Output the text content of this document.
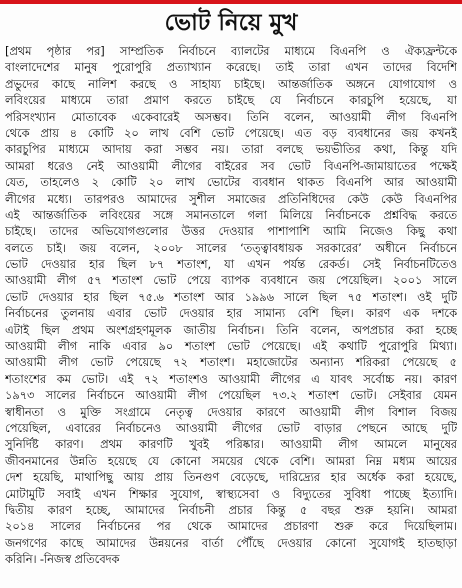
ভোট নিয়ে মুখ
[প্রথম পৃষ্ঠার পর] সাম্প্রতিক নির্বাচনে ব্যালটের মাধ্যমে বিএনপি ও ঐক্যফ্রন্টকে
বাংলাদেশের মানুষ পুরোপুরি প্রত্যাখ্যান করেছে। তাই তারা এখন তাদের বিদেশি
প্রভুদের কাছে নালিশ করছে ও সাহায্য চাইছে। আন্তর্জাতিক অঙ্গনে যোগাযোগ ও
লবিংয়ের মাধ্যমে তারা প্রমাণ করতে চাইছে যে নির্বাচনে কারচুপি হয়েছে, যা
পরিসংখ্যান মোতাবেক একেবারেই অসম্ভব। তিনি বলেন, আওয়ামী লীগ বিএনপি
থেকে প্রায় ৪ কোটি ২০ লাখ বেশি ভোট পেয়েছে। এত বড় ব্যবধানের জয় কখনই
কারচুপির মাধ্যমে আদায় করা সম্ভব নয়। তারা বলছে ভয়ভীতির কথা, কিন্তু যদি
আমরা ধরেও নেই আওয়ামী লীগের বাইরের সব ভোট বিএনপি-জামায়াতের পক্ষেই
যেত, তাহলেও ২ কোটি ২০ লাখ ভোটের ব্যবধান থাকত বিএনপি আর আওয়ামী
লীগের মধ্যে। তারপরও আমাদের সুশীল সমাজের প্রতিনিধিদের কেউ কেউ বিএনপির
এই আন্তর্জাতিক লবিংয়ের সঙ্গে সমানতালে গলা মিলিয়ে নির্বাচনকে প্রশ্নবিদ্ধ করতে
চাইছে। তাদের অভিযোগগুলোর উত্তর দেওয়ার পাশাপাশি আমি নিজেও কিছু কথা
বলতে চাই। জয় বলেন, ২০০৮ সালের ‘তত্ত্বাবধায়ক সরকারের’ অধীনে নির্বাচনে
ভোট দেওয়ার হার ছিল ৮৭ শতাংশ, যা এখন পর্যন্ত রেকর্ড। সেই নির্বাচনটিতেও
আওয়ামী লীগ ৫৭ শতাংশ ভোট পেয়ে ব্যাপক ব্যবধানে জয় পেয়েছিল। ২০০১ সালে
ভোট দেওয়ার হার ছিল ৭৫.৬ শতাংশ আর ১৯৯৬ সালে ছিল ৭৫ শতাংশ। ওই দুটি
নির্বাচনের তুলনায় এবার ভোট দেওয়ার হার সামান্য বেশি ছিল। কারণ এক দশকে
এটাই ছিল প্রথম অংশগ্রহণমূলক জাতীয় নির্বাচন। তিনি বলেন, অপপ্রচার করা হচ্ছে
আওয়ামী লীগ নাকি এবার ৯০ শতাংশ ভোট পেয়েছে। এই কথাটি পুরোপুরি মিথ্যা।
আওয়ামী লীগ ভোট পেয়েছে ৭২ শতাংশ। মহাজোটের অন্যান্য শরিকরা পেয়েছে ৫
শতাংশের কম ভোট। এই ৭২ শতাংশও আওয়ামী লীগের এ যাবৎ সর্বোচ্চ নয়। কারণ
১৯৭৩ সালের নির্বাচনে আওয়ামী লীগ পেয়েছিল ৭৩.২ শতাংশ ভোট। সেইবার যেমন
স্বাধীনতা ও মুক্তি সংগ্রামে নেতৃত্ব দেওয়ার কারণে আওয়ামী লীগ বিশাল বিজয়
পেয়েছিল, এবারের নির্বাচনেও আওয়ামী লীগের ভোট বাড়ার পেছনে আছে দুটি
সুনির্দিষ্ট কারণ। প্রথম কারণটি খুবই পরিষ্কার। আওয়ামী লীগ আমলে মানুষের
জীবনমানের উন্নতি হয়েছে যে কোনো সময়ের থেকে বেশি। আমরা নিম্ন মধ্যম আয়ের
দেশ হয়েছি, মাথাপিছু আয় প্রায় তিনগুণ বেড়েছে, দারিদ্র্যের হার অর্ধেক করা হয়েছে,
মোটামুটি সবাই এখন শিক্ষার সুযোগ, স্বাস্থ্যসেবা ও বিদ্যুতের সুবিধা পাচ্ছে ইত্যাদি।
দ্বিতীয় কারণ হচ্ছে, আমাদের নির্বাচনী প্রচার কিন্তু ৫ বছর শুরু হয়নি। আমরা
২০১৪ সালের নির্বাচনের পর থেকে আমাদের প্রচারণা শুরু করে দিয়েছিলাম।
জনগণের কাছে আমাদের উন্নয়নের বার্তা পৌঁছে দেওয়ার কোনো সুযোগই হাতছাড়া
করিনি। -নিজস্ব প্রতিবেদক
